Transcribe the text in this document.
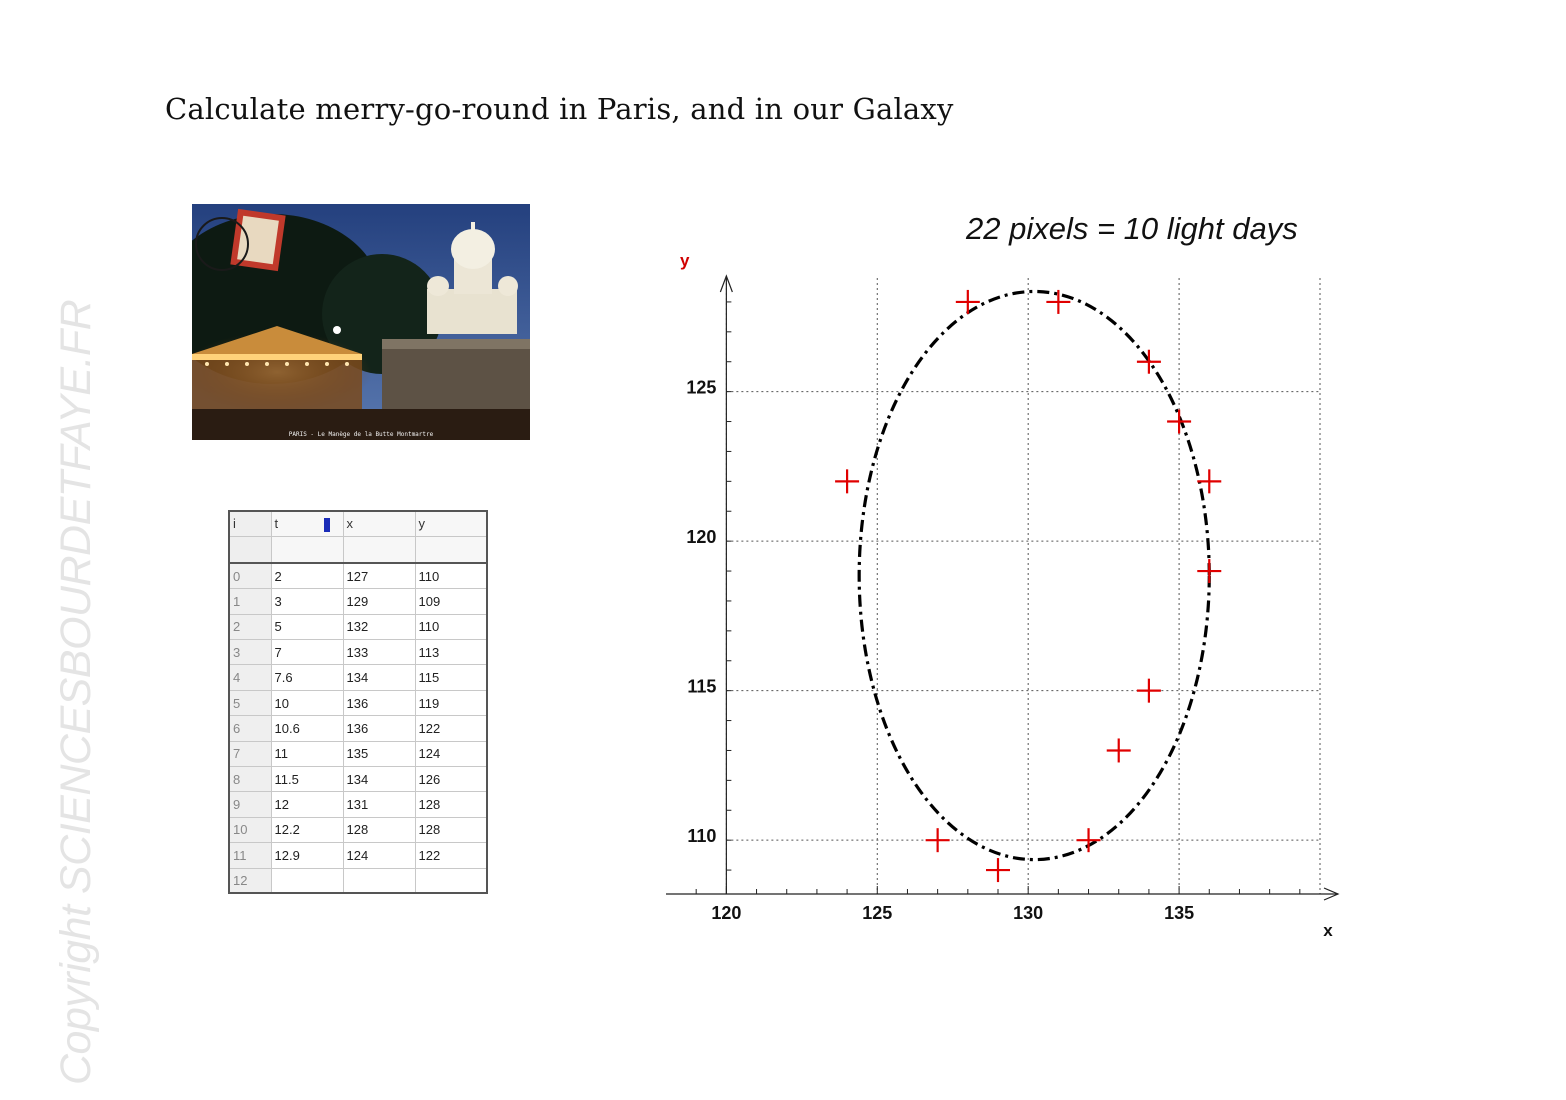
Calculate merry-go-round in Paris, and in our Galaxy
Copyright SCIENCESBOURDETFAYE.FR	PARIS - Le Manège de la Butte Montmartre
i	t	x	y

0	2	127	110
1	3	129	109
2	5	132	110
3	7	133	113
4	7.6	134	115
5	10	136	119
6	10.6	136	122
7	11	135	124
8	11.5	134	126
9	12	131	128
10	12.2	128	128
11	12.9	124	122
12			
22 pixels = 10 light days
120	125	130	135
110
115
120
125
y
x
